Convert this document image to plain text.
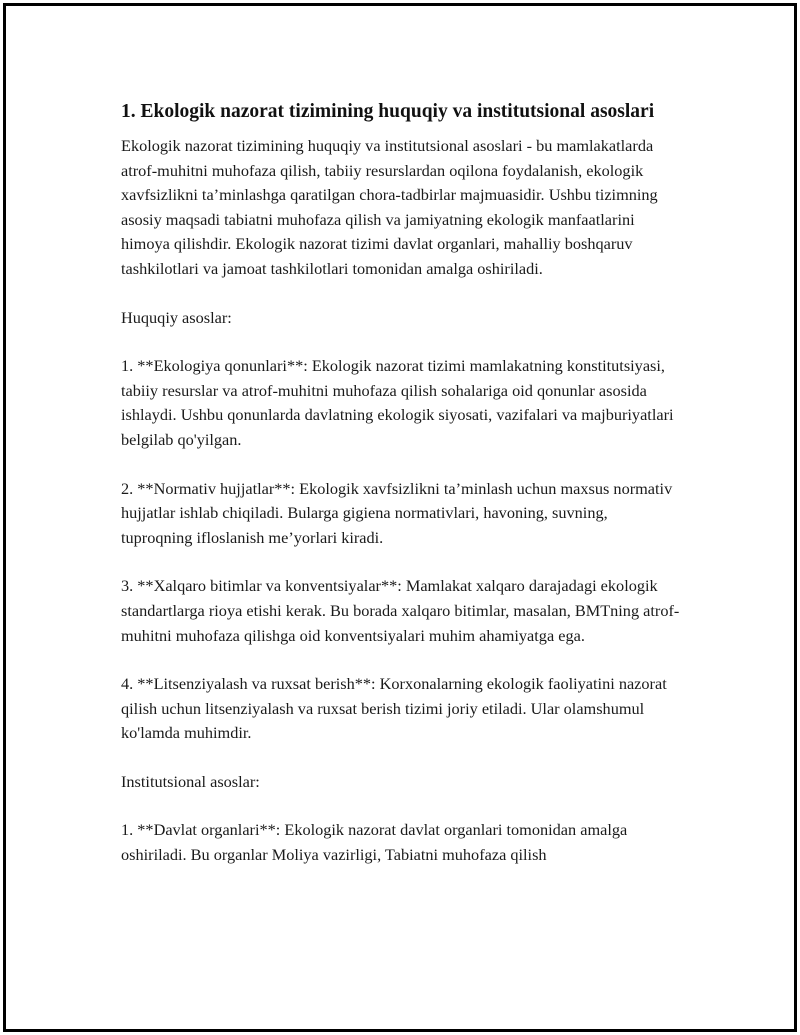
1. Ekologik nazorat tizimining huquqiy va institutsional asoslari

Ekologik nazorat tizimining huquqiy va institutsional asoslari - bu mamlakatlarda atrof-muhitni muhofaza qilish, tabiiy resurslardan oqilona foydalanish, ekologik xavfsizlikni ta’minlashga qaratilgan chora-tadbirlar majmuasidir. Ushbu tizimning asosiy maqsadi tabiatni muhofaza qilish va jamiyatning ekologik manfaatlarini himoya qilishdir. Ekologik nazorat tizimi davlat organlari, mahalliy boshqaruv tashkilotlari va jamoat tashkilotlari tomonidan amalga oshiriladi.

Huquqiy asoslar:

1. **Ekologiya qonunlari**: Ekologik nazorat tizimi mamlakatning konstitutsiyasi, tabiiy resurslar va atrof-muhitni muhofaza qilish sohalariga oid qonunlar asosida ishlaydi. Ushbu qonunlarda davlatning ekologik siyosati, vazifalari va majburiyatlari belgilab qo'yilgan.

2. **Normativ hujjatlar**: Ekologik xavfsizlikni ta’minlash uchun maxsus normativ hujjatlar ishlab chiqiladi. Bularga gigiena normativlari, havoning, suvning, tuproqning ifloslanish me’yorlari kiradi.

3. **Xalqaro bitimlar va konventsiyalar**: Mamlakat xalqaro darajadagi ekologik standartlarga rioya etishi kerak. Bu borada xalqaro bitimlar, masalan, BMTning atrof-muhitni muhofaza qilishga oid konventsiyalari muhim ahamiyatga ega.

4. **Litsenziyalash va ruxsat berish**: Korxonalarning ekologik faoliyatini nazorat qilish uchun litsenziyalash va ruxsat berish tizimi joriy etiladi. Ular olamshumul ko'lamda muhimdir.

Institutsional asoslar:

1. **Davlat organlari**: Ekologik nazorat davlat organlari tomonidan amalga oshiriladi. Bu organlar Moliya vazirligi, Tabiatni muhofaza qilish
